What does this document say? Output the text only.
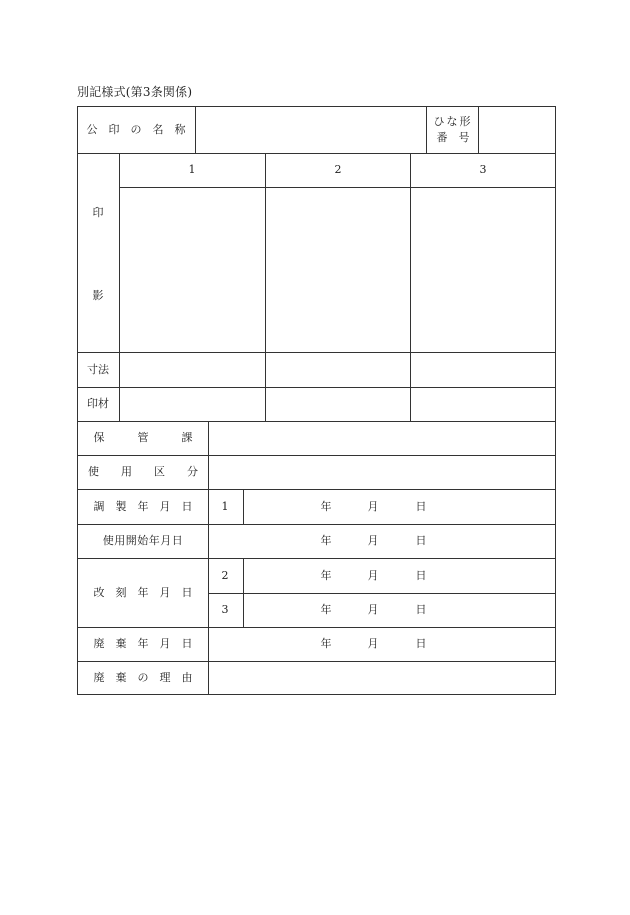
別記様式(第3条関係)
公　印　の　名　称
ひな形
番　号
印
影
1	2	3
寸法
印材
保　　　管　　　課
使　　用　　区　　分
調　製　年　月　日	1	年	月	日
使用開始年月日	年	月	日
改　刻　年　月　日
2	年	月	日
3	年	月	日
廃　棄　年　月　日	年	月	日
廃　棄　の　理　由
